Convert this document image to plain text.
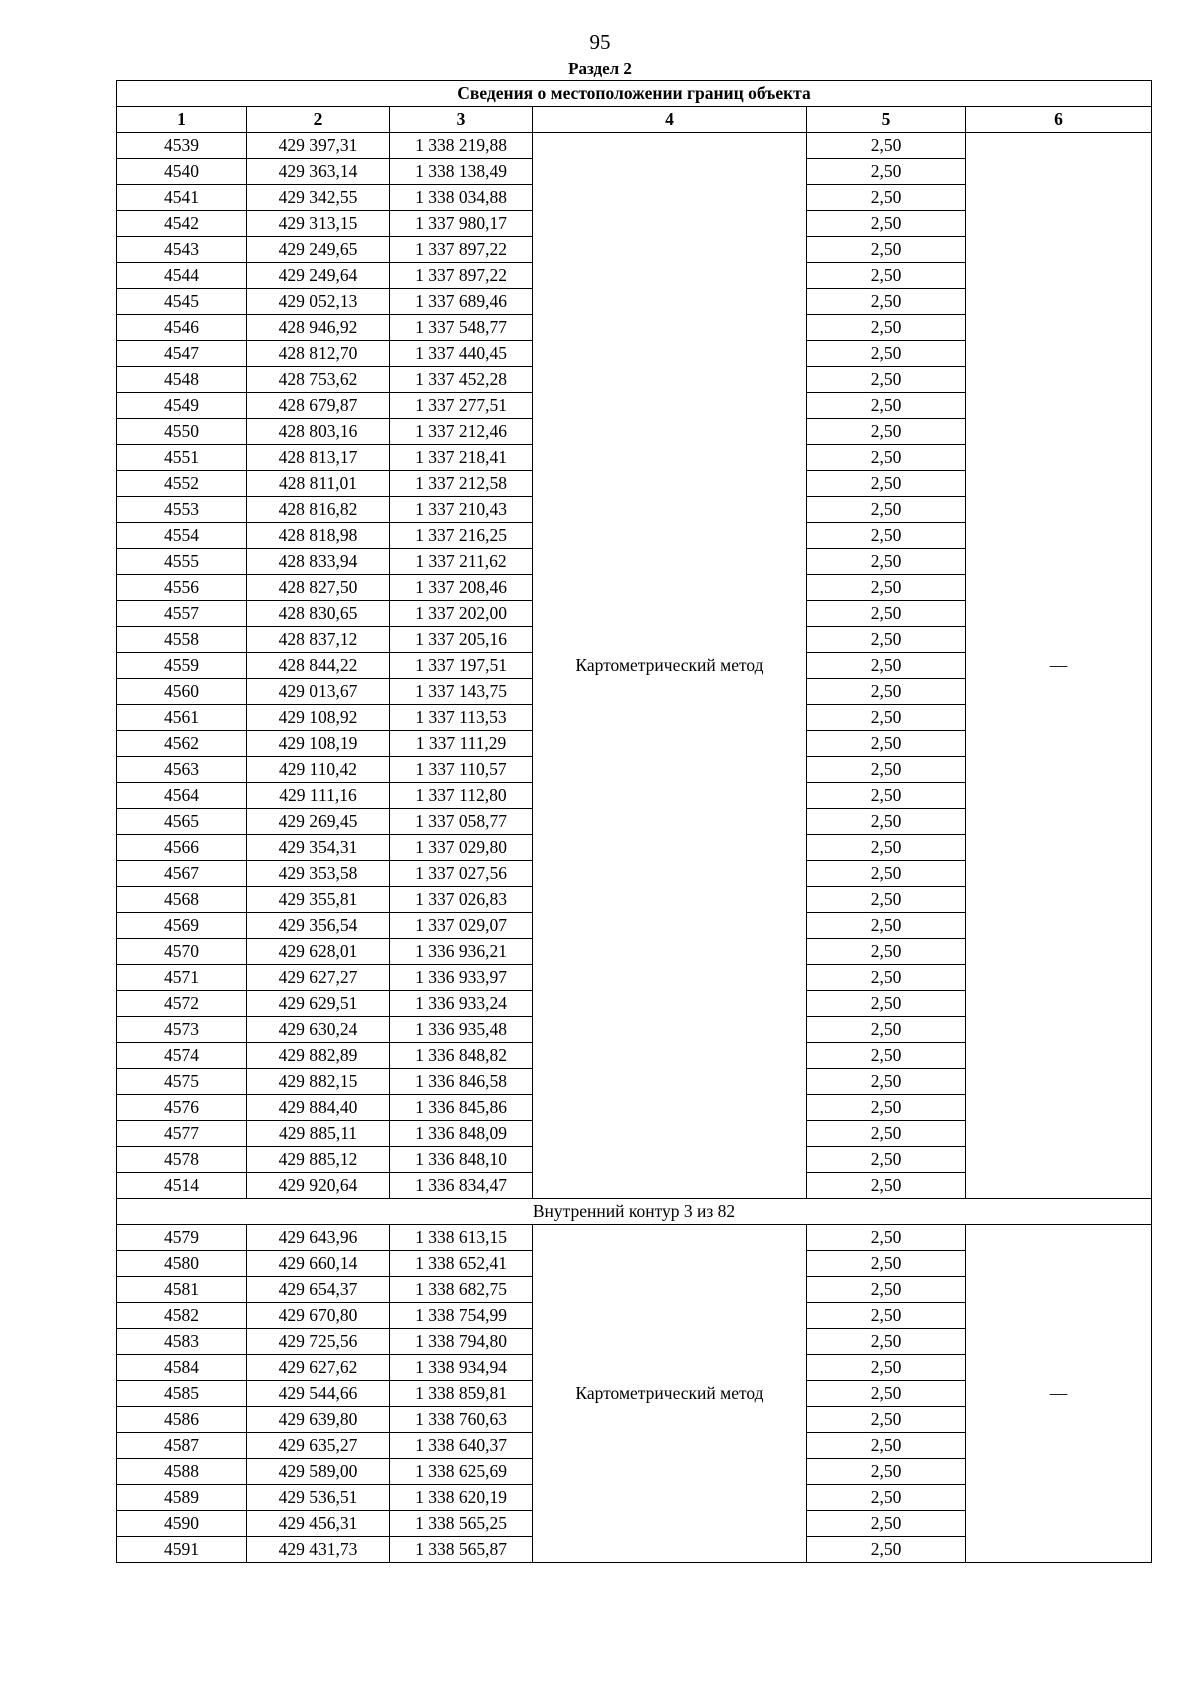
95
Раздел 2
Сведения о местоположении границ объекта					
1	2	3	4	5	6
4539	429 397,31	1 338 219,88	Картометрический метод	2,50	—
4540	429 363,14	1 338 138,49		2,50	
4541	429 342,55	1 338 034,88		2,50	
4542	429 313,15	1 337 980,17		2,50	
4543	429 249,65	1 337 897,22		2,50	
4544	429 249,64	1 337 897,22		2,50	
4545	429 052,13	1 337 689,46		2,50	
4546	428 946,92	1 337 548,77		2,50	
4547	428 812,70	1 337 440,45		2,50	
4548	428 753,62	1 337 452,28		2,50	
4549	428 679,87	1 337 277,51		2,50	
4550	428 803,16	1 337 212,46		2,50	
4551	428 813,17	1 337 218,41		2,50	
4552	428 811,01	1 337 212,58		2,50	
4553	428 816,82	1 337 210,43		2,50	
4554	428 818,98	1 337 216,25		2,50	
4555	428 833,94	1 337 211,62		2,50	
4556	428 827,50	1 337 208,46		2,50	
4557	428 830,65	1 337 202,00		2,50	
4558	428 837,12	1 337 205,16		2,50	
4559	428 844,22	1 337 197,51		2,50	
4560	429 013,67	1 337 143,75		2,50	
4561	429 108,92	1 337 113,53		2,50	
4562	429 108,19	1 337 111,29		2,50	
4563	429 110,42	1 337 110,57		2,50	
4564	429 111,16	1 337 112,80		2,50	
4565	429 269,45	1 337 058,77		2,50	
4566	429 354,31	1 337 029,80		2,50	
4567	429 353,58	1 337 027,56		2,50	
4568	429 355,81	1 337 026,83		2,50	
4569	429 356,54	1 337 029,07		2,50	
4570	429 628,01	1 336 936,21		2,50	
4571	429 627,27	1 336 933,97		2,50	
4572	429 629,51	1 336 933,24		2,50	
4573	429 630,24	1 336 935,48		2,50	
4574	429 882,89	1 336 848,82		2,50	
4575	429 882,15	1 336 846,58		2,50	
4576	429 884,40	1 336 845,86		2,50	
4577	429 885,11	1 336 848,09		2,50	
4578	429 885,12	1 336 848,10		2,50	
4514	429 920,64	1 336 834,47		2,50	
Внутренний контур 3 из 82					
4579	429 643,96	1 338 613,15	Картометрический метод	2,50	—
4580	429 660,14	1 338 652,41		2,50	
4581	429 654,37	1 338 682,75		2,50	
4582	429 670,80	1 338 754,99		2,50	
4583	429 725,56	1 338 794,80		2,50	
4584	429 627,62	1 338 934,94		2,50	
4585	429 544,66	1 338 859,81		2,50	
4586	429 639,80	1 338 760,63		2,50	
4587	429 635,27	1 338 640,37		2,50	
4588	429 589,00	1 338 625,69		2,50	
4589	429 536,51	1 338 620,19		2,50	
4590	429 456,31	1 338 565,25		2,50	
4591	429 431,73	1 338 565,87		2,50	
